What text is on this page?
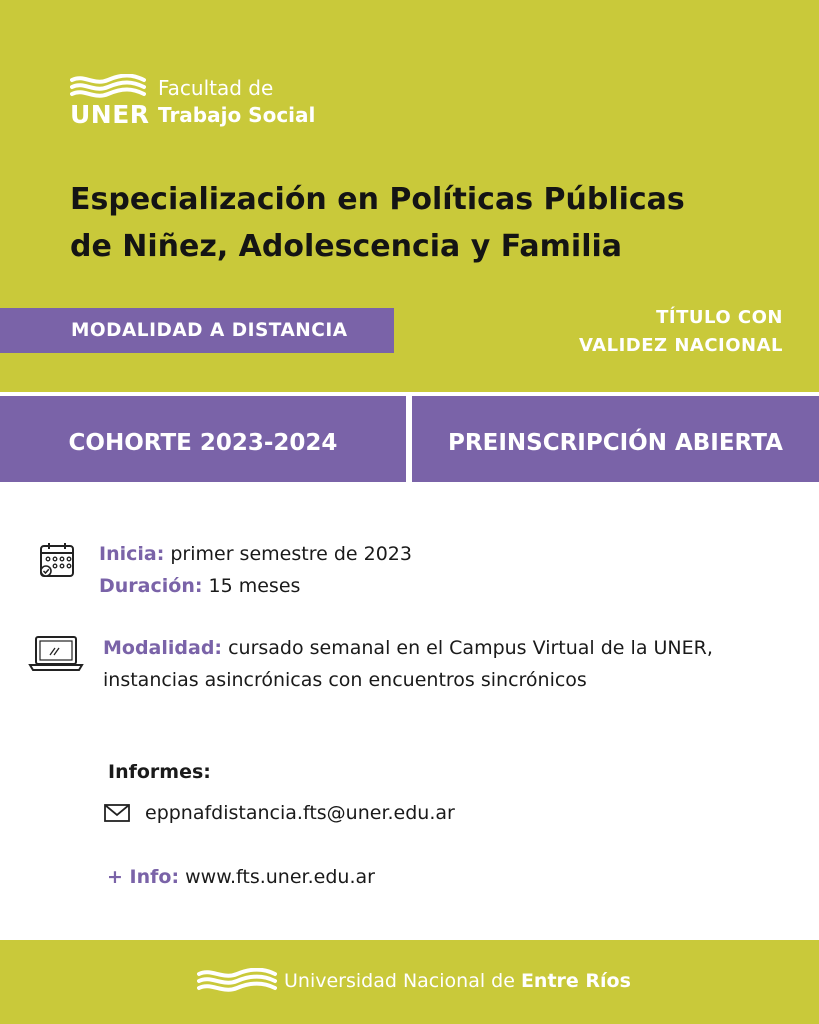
UNER
Facultad de
Trabajo Social
Especialización en Políticas Públicas
de Niñez, Adolescencia y Familia
MODALIDAD A DISTANCIA
TÍTULO CON
VALIDEZ NACIONAL
COHORTE 2023-2024	PREINSCRIPCIÓN ABIERTA
Inicia: primer semestre de 2023
Duración: 15 meses
Modalidad: cursado semanal en el Campus Virtual de la UNER,
instancias asincrónicas con encuentros sincrónicos
Informes:
eppnafdistancia.fts@uner.edu.ar
+ Info: www.fts.uner.edu.ar
Universidad Nacional de Entre Ríos
